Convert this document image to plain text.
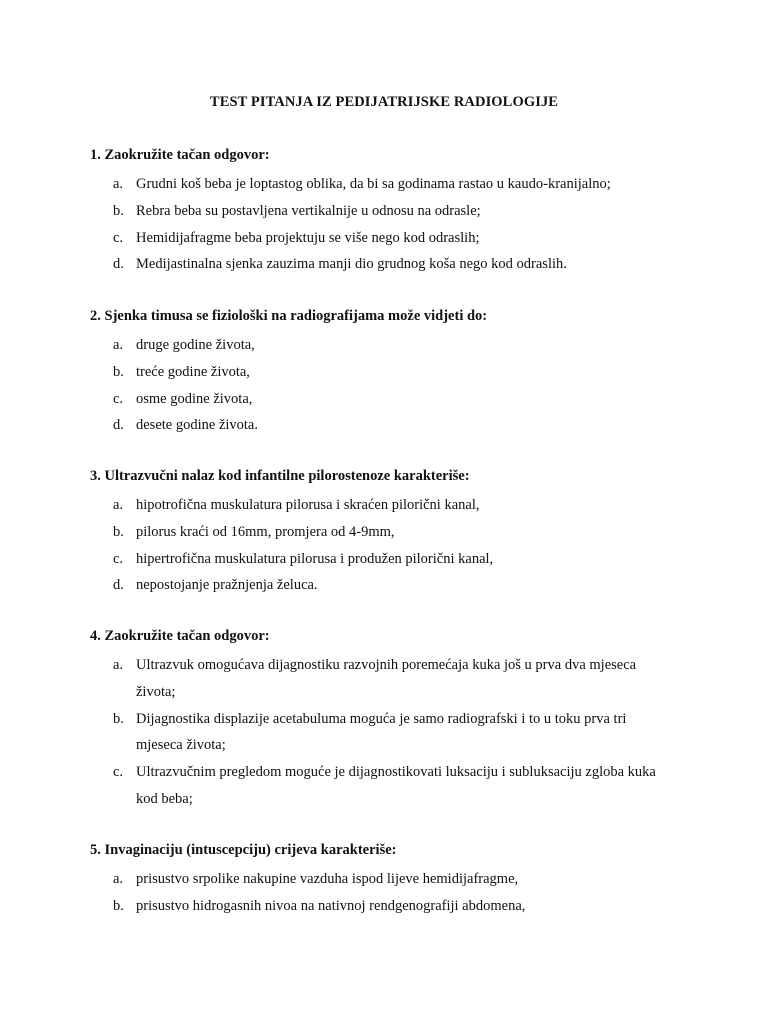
TEST PITANJA IZ PEDIJATRIJSKE RADIOLOGIJE
1. Zaokružite tačan odgovor:
a. Grudni koš beba je loptastog oblika, da bi sa godinama rastao u kaudo-kranijalno;
b. Rebra beba su postavljena vertikalnije u odnosu na odrasle;
c. Hemidijafragme beba projektuju se više nego kod odraslih;
d. Medijastinalna sjenka zauzima manji dio grudnog koša nego kod odraslih.
2. Sjenka timusa se fiziološki na radiografijama može vidjeti do:
a. druge godine života,
b. treće godine života,
c. osme godine života,
d. desete godine života.
3. Ultrazvučni nalaz kod infantilne pilorostenoze karakteriše:
a. hipotrofična muskulatura pilorusa i skraćen pilorični kanal,
b. pilorus kraći od 16mm, promjera od 4-9mm,
c. hipertrofična muskulatura pilorusa i produžen pilorični kanal,
d. nepostojanje pražnjenja želuca.
4. Zaokružite tačan odgovor:
a. Ultrazvuk omogućava dijagnostiku razvojnih poremećaja kuka još u prva dva mjeseca
života;
b. Dijagnostika displazije acetabuluma moguća je samo radiografski i to u toku prva tri
mjeseca života;
c. Ultrazvučnim pregledom moguće je dijagnostikovati luksaciju i subluksaciju zgloba kuka
kod beba;
5. Invaginaciju (intuscepciju) crijeva karakteriše:
a. prisustvo srpolike nakupine vazduha ispod lijeve hemidijafragme,
b. prisustvo hidrogasnih nivoa na nativnoj rendgenografiji abdomena,
